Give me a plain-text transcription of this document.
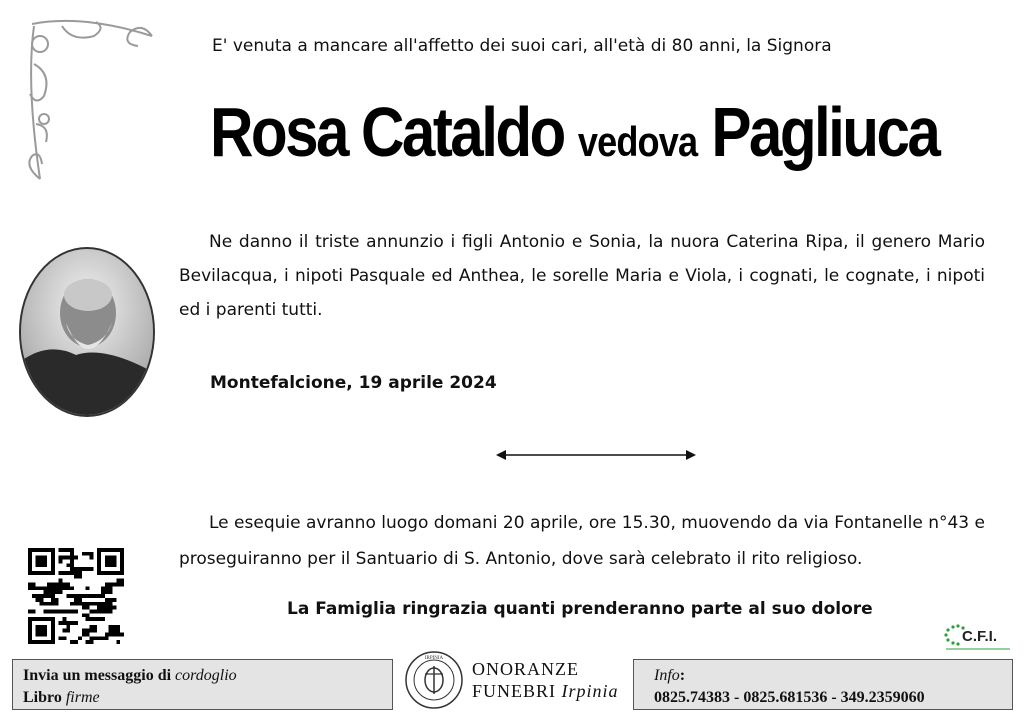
E' venuta a mancare all'affetto dei suoi cari, all'età di 80 anni, la Signora
Rosa Cataldo vedova Pagliuca
Ne danno il triste annunzio i figli Antonio e Sonia, la nuora Caterina Ripa, il genero Mario Bevilacqua, i nipoti Pasquale ed Anthea, le sorelle Maria e Viola, i cognati, le cognate, i nipoti ed i parenti tutti.
Montefalcione, 19 aprile 2024
Le esequie avranno luogo domani 20 aprile, ore 15.30, muovendo da via Fontanelle n°43 e proseguiranno per il Santuario di S. Antonio, dove sarà celebrato il rito religioso.
La Famiglia ringrazia quanti prenderanno parte al suo dolore
C.F.I.
Invia un messaggio di cordoglio
Libro firme
IRPINIA
ONORANZE
FUNEBRI Irpinia
Info:
0825.74383 - 0825.681536 - 349.2359060
